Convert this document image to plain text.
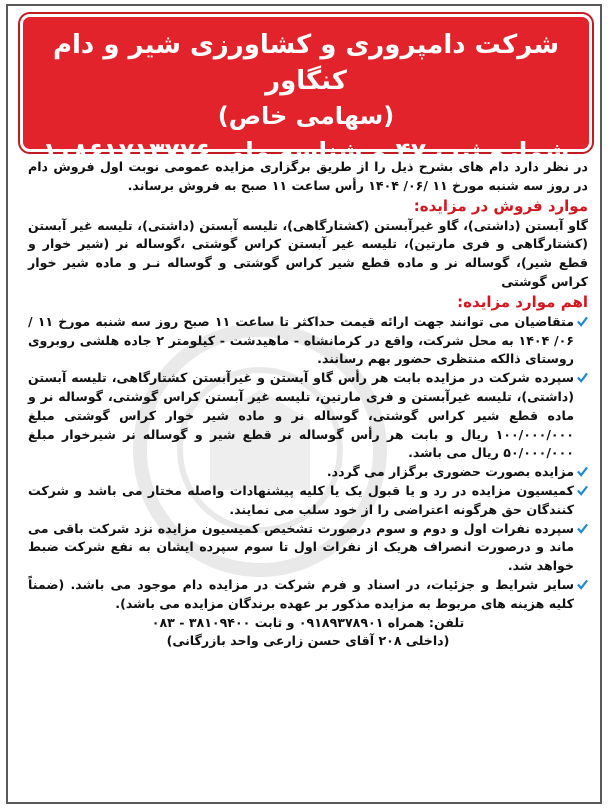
شرکت دامپروری و کشاورزی شیر و دام کنگاور
(سهامی خاص)
شماره ثبت ۴۷ و شناسه ملی ۱۰۸۶۱۷۱۳۷۷۶

در نظر دارد دام های بشرح ذیل را از طریق برگزاری مزایده عمومی نوبت اول فروش دام در روز سه شنبه مورخ ۱۱ /۰۶/ ۱۴۰۴ رأس ساعت ۱۱ صبح به فروش برساند.

موارد فروش در مزایده:

گاو آبستن (داشتی)، گاو غیرآبستن (کشتارگاهی)، تلیسه آبستن (داشتی)، تلیسه غیر آبستن (کشتارگاهی و فری مارتین)، تلیسه غیر آبستن کراس گوشتی ،گوساله نر (شیر خوار و قطع شیر)، گوساله نر و ماده قطع شیر کراس گوشتی و گوساله نـر و ماده شیر خوار کراس گوشتی

اهم موارد مزایده:

متقاضیان می توانند جهت ارائه قیمت حداکثر تا ساعت ۱۱ صبح روز سه شنبه مورخ ۱۱ /۰۶/ ۱۴۰۴ به محل شرکت، واقع در کرمانشاه - ماهیدشت - کیلومتر ۲ جاده هلشی روبروی روستای ذالکه منتظری حضور بهم رسانند.

سپرده شرکت در مزایده بابت هر رأس گاو آبستن و غیرآبستن کشتارگاهی، تلیسه آبستن (داشتی)، تلیسه غیرآبستن و فری مارتین، تلیسه غیر آبستن کراس گوشتی، گوساله نر و ماده قطع شیر کراس گوشتی، گوساله نر و ماده شیر خوار کراس گوشتی مبلغ ۱۰۰/۰۰۰/۰۰۰ ریال و بابت هر رأس گوساله نر قطع شیر و گوساله نر شیرخوار مبلغ ۵۰/۰۰۰/۰۰۰ ریال می باشد.

مزایده بصورت حضوری برگزار می گردد.

کمیسیون مزایده در رد و یا قبول یک یا کلیه پیشنهادات واصله مختار می باشد و شرکت کنندگان حق هرگونه اعتراضی را از خود سلب می نمایند.

سپرده نفرات اول و دوم و سوم درصورت تشخیص کمیسیون مزایده نزد شرکت باقی می ماند و درصورت انصراف هریک از نفرات اول تا سوم سپرده ایشان به نفع شرکت ضبط خواهد شد.

سایر شرایط و جزئیات، در اسناد و فرم شرکت در مزایده دام موجود می باشد. (ضمناً کلیه هزینه های مربوط به مزایده مذکور بر عهده برندگان مزایده می باشد).

تلفن: همراه ۰۹۱۸۹۳۷۸۹۰۱ و ثابت ۳۸۱۰۹۴۰۰ - ۰۸۳

(داخلی ۲۰۸ آقای حسن زارعی واحد بازرگانی)
